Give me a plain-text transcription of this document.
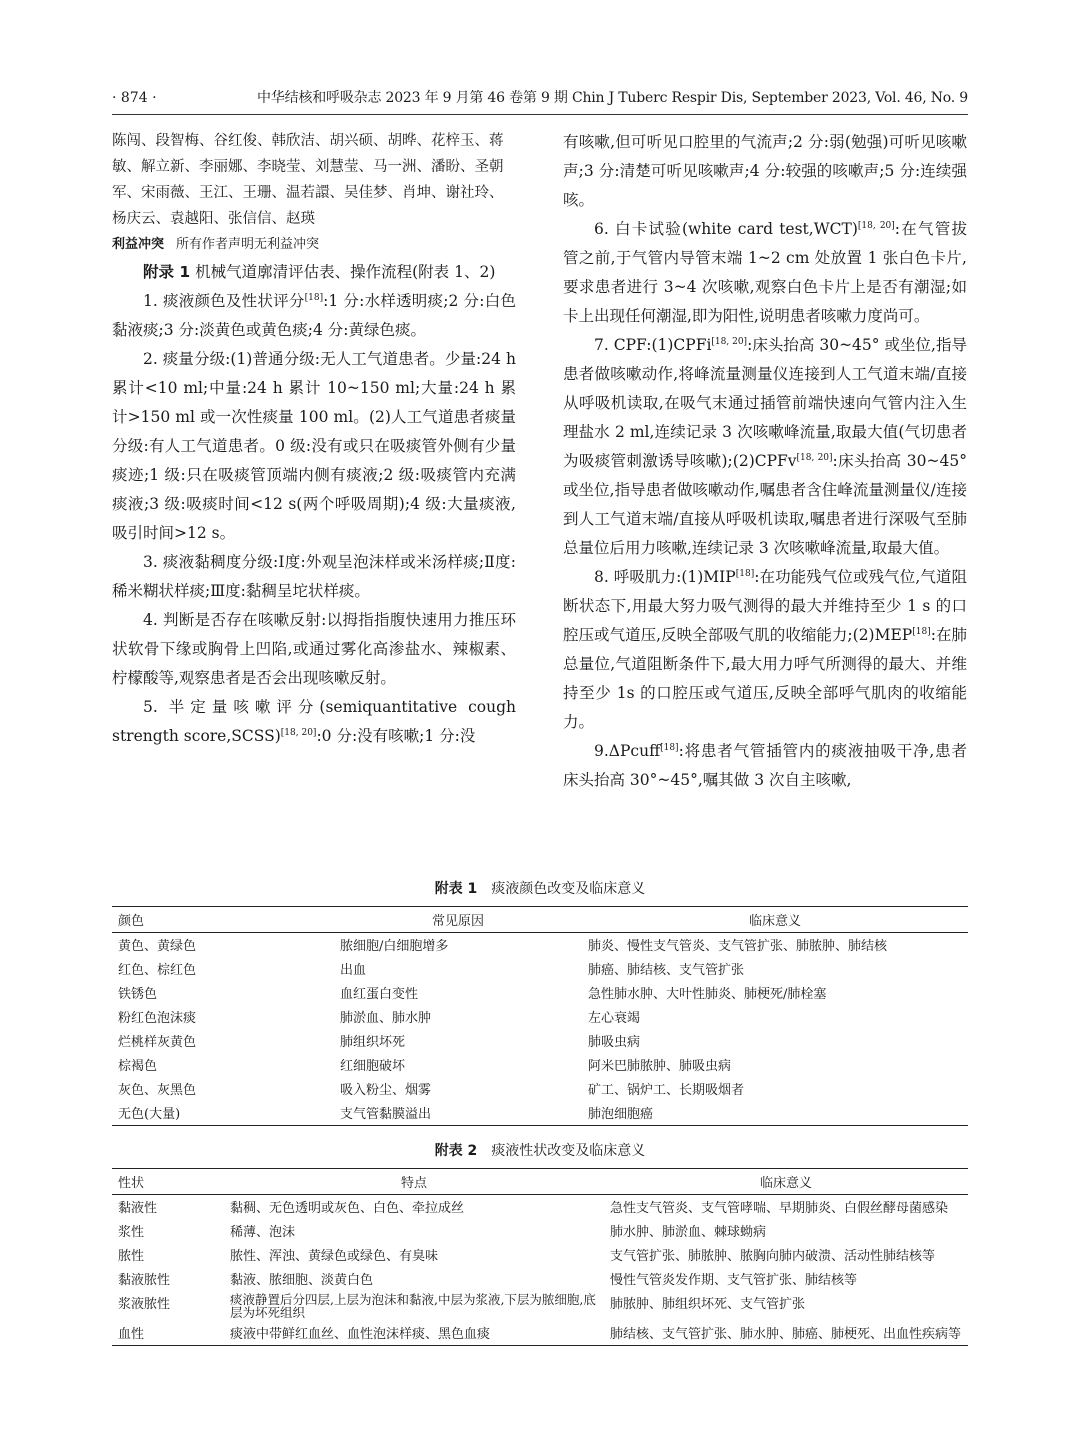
· 874 ·	中华结核和呼吸杂志 2023 年 9 月第 46 卷第 9 期 Chin J Tuberc Respir Dis, September 2023, Vol. 46, No. 9

陈闯、段智梅、谷红俊、韩欣洁、胡兴硕、胡晔、花梓玉、蒋敏、解立新、李丽娜、李晓莹、刘慧莹、马一洲、潘盼、圣朝军、宋雨薇、王江、王珊、温若譞、吴佳梦、肖坤、谢社玲、杨庆云、袁越阳、张信信、赵瑛

利益冲突 所有作者声明无利益冲突

附录 1 机械气道廓清评估表、操作流程(附表 1、2)

1. 痰液颜色及性状评分[18]:1 分:水样透明痰;2 分:白色黏液痰;3 分:淡黄色或黄色痰;4 分:黄绿色痰。

2. 痰量分级:(1)普通分级:无人工气道患者。少量:24 h 累计<10 ml;中量:24 h 累计 10~150 ml;大量:24 h 累计>150 ml 或一次性痰量 100 ml。(2)人工气道患者痰量分级:有人工气道患者。0 级:没有或只在吸痰管外侧有少量痰迹;1 级:只在吸痰管顶端内侧有痰液;2 级:吸痰管内充满痰液;3 级:吸痰时间<12 s(两个呼吸周期);4 级:大量痰液,吸引时间>12 s。

3. 痰液黏稠度分级:Ⅰ度:外观呈泡沫样或米汤样痰;Ⅱ度:稀米糊状样痰;Ⅲ度:黏稠呈坨状样痰。

4. 判断是否存在咳嗽反射:以拇指指腹快速用力推压环状软骨下缘或胸骨上凹陷,或通过雾化高渗盐水、辣椒素、柠檬酸等,观察患者是否会出现咳嗽反射。

5. 半定量咳嗽评分(semiquantitative cough strength score,SCSS)[18, 20]:0 分:没有咳嗽;1 分:没

有咳嗽,但可听见口腔里的气流声;2 分:弱(勉强)可听见咳嗽声;3 分:清楚可听见咳嗽声;4 分:较强的咳嗽声;5 分:连续强咳。

6. 白卡试验(white card test,WCT)[18, 20]:在气管拔管之前,于气管内导管末端 1~2 cm 处放置 1 张白色卡片,要求患者进行 3~4 次咳嗽,观察白色卡片上是否有潮湿;如卡上出现任何潮湿,即为阳性,说明患者咳嗽力度尚可。

7. CPF:(1)CPFi[18, 20]:床头抬高 30~45° 或坐位,指导患者做咳嗽动作,将峰流量测量仪连接到人工气道末端/直接从呼吸机读取,在吸气末通过插管前端快速向气管内注入生理盐水 2 ml,连续记录 3 次咳嗽峰流量,取最大值(气切患者为吸痰管刺激诱导咳嗽);(2)CPFv[18, 20]:床头抬高 30~45°或坐位,指导患者做咳嗽动作,嘱患者含住峰流量测量仪/连接到人工气道末端/直接从呼吸机读取,嘱患者进行深吸气至肺总量位后用力咳嗽,连续记录 3 次咳嗽峰流量,取最大值。

8. 呼吸肌力:(1)MIP[18]:在功能残气位或残气位,气道阻断状态下,用最大努力吸气测得的最大并维持至少 1 s 的口腔压或气道压,反映全部吸气肌的收缩能力;(2)MEP[18]:在肺总量位,气道阻断条件下,最大用力呼气所测得的最大、并维持至少 1s 的口腔压或气道压,反映全部呼气肌肉的收缩能力。

9.ΔPcuff[18]:将患者气管插管内的痰液抽吸干净,患者床头抬高 30°~45°,嘱其做 3 次自主咳嗽,

附表 1 痰液颜色改变及临床意义
颜色	常见原因	临床意义
黄色、黄绿色	脓细胞/白细胞增多	肺炎、慢性支气管炎、支气管扩张、肺脓肿、肺结核
红色、棕红色	出血	肺癌、肺结核、支气管扩张
铁锈色	血红蛋白变性	急性肺水肿、大叶性肺炎、肺梗死/肺栓塞
粉红色泡沫痰	肺淤血、肺水肿	左心衰竭
烂桃样灰黄色	肺组织坏死	肺吸虫病
棕褐色	红细胞破坏	阿米巴肺脓肿、肺吸虫病
灰色、灰黑色	吸入粉尘、烟雾	矿工、锅炉工、长期吸烟者
无色(大量)	支气管黏膜溢出	肺泡细胞癌
附表 2 痰液性状改变及临床意义
性状	特点	临床意义
黏液性	黏稠、无色透明或灰色、白色、牵拉成丝	急性支气管炎、支气管哮喘、早期肺炎、白假丝酵母菌感染
浆性	稀薄、泡沫	肺水肿、肺淤血、棘球蚴病
脓性	脓性、浑浊、黄绿色或绿色、有臭味	支气管扩张、肺脓肿、脓胸向肺内破溃、活动性肺结核等
黏液脓性	黏液、脓细胞、淡黄白色	慢性气管炎发作期、支气管扩张、肺结核等
浆液脓性	痰液静置后分四层,上层为泡沫和黏液,中层为浆液,下层为脓细胞,底层为坏死组织	肺脓肿、肺组织坏死、支气管扩张
血性	痰液中带鲜红血丝、血性泡沫样痰、黑色血痰	肺结核、支气管扩张、肺水肿、肺癌、肺梗死、出血性疾病等
